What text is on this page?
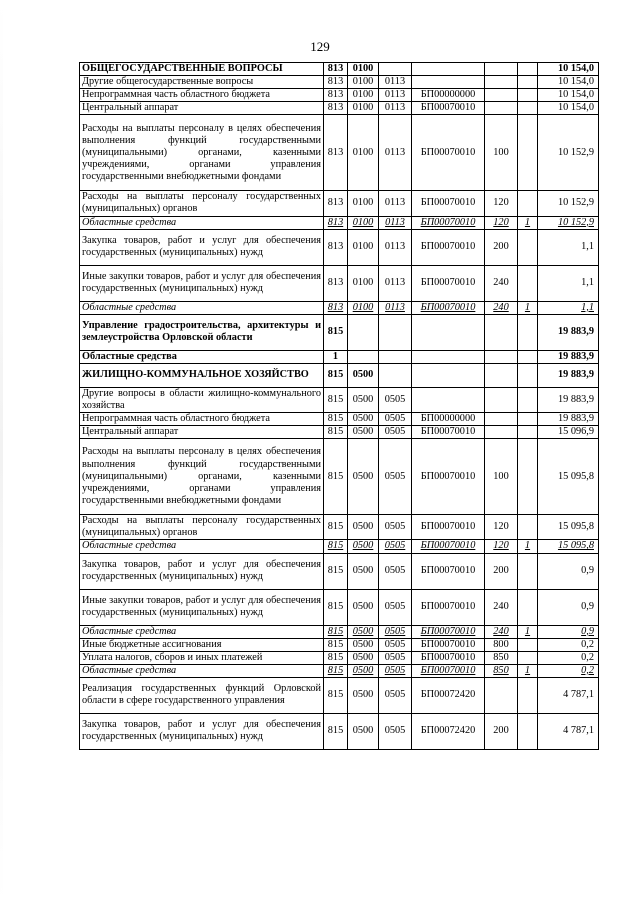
129
ОБЩЕГОСУДАРСТВЕННЫЕ ВОПРОСЫ	813	0100					10 154,0
Другие общегосударственные вопросы	813	0100	0113				10 154,0
Непрограммная часть областного бюджета	813	0100	0113	БП00000000			10 154,0
Центральный аппарат	813	0100	0113	БП00070010			10 154,0
Расходы на выплаты персоналу в целях обеспечения выполнения функций государственными (муниципальными) органами, казенными учреждениями, органами управления государственными внебюджетными фондами	813	0100	0113	БП00070010	100		10 152,9
Расходы на выплаты персоналу государственных (муниципальных) органов	813	0100	0113	БП00070010	120		10 152,9
Областные средства	813	0100	0113	БП00070010	120	1	10 152,9
Закупка товаров, работ и услуг для обеспечения государственных (муниципальных) нужд	813	0100	0113	БП00070010	200		1,1
Иные закупки товаров, работ и услуг для обеспечения государственных (муниципальных) нужд	813	0100	0113	БП00070010	240		1,1
Областные средства	813	0100	0113	БП00070010	240	1	1,1
Управление градостроительства, архитектуры и землеустройства Орловской области	815						19 883,9
Областные средства	1						19 883,9
ЖИЛИЩНО-КОММУНАЛЬНОЕ ХОЗЯЙСТВО	815	0500					19 883,9
Другие вопросы в области жилищно-коммунального хозяйства	815	0500	0505				19 883,9
Непрограммная часть областного бюджета	815	0500	0505	БП00000000			19 883,9
Центральный аппарат	815	0500	0505	БП00070010			15 096,9
Расходы на выплаты персоналу в целях обеспечения выполнения функций государственными (муниципальными) органами, казенными учреждениями, органами управления государственными внебюджетными фондами	815	0500	0505	БП00070010	100		15 095,8
Расходы на выплаты персоналу государственных (муниципальных) органов	815	0500	0505	БП00070010	120		15 095,8
Областные средства	815	0500	0505	БП00070010	120	1	15 095,8
Закупка товаров, работ и услуг для обеспечения государственных (муниципальных) нужд	815	0500	0505	БП00070010	200		0,9
Иные закупки товаров, работ и услуг для обеспечения государственных (муниципальных) нужд	815	0500	0505	БП00070010	240		0,9
Областные средства	815	0500	0505	БП00070010	240	1	0,9
Иные бюджетные ассигнования	815	0500	0505	БП00070010	800		0,2
Уплата налогов, сборов и иных платежей	815	0500	0505	БП00070010	850		0,2
Областные средства	815	0500	0505	БП00070010	850	1	0,2
Реализация государственных функций Орловской области в сфере государственного управления	815	0500	0505	БП00072420			4 787,1
Закупка товаров, работ и услуг для обеспечения государственных (муниципальных) нужд	815	0500	0505	БП00072420	200		4 787,1
